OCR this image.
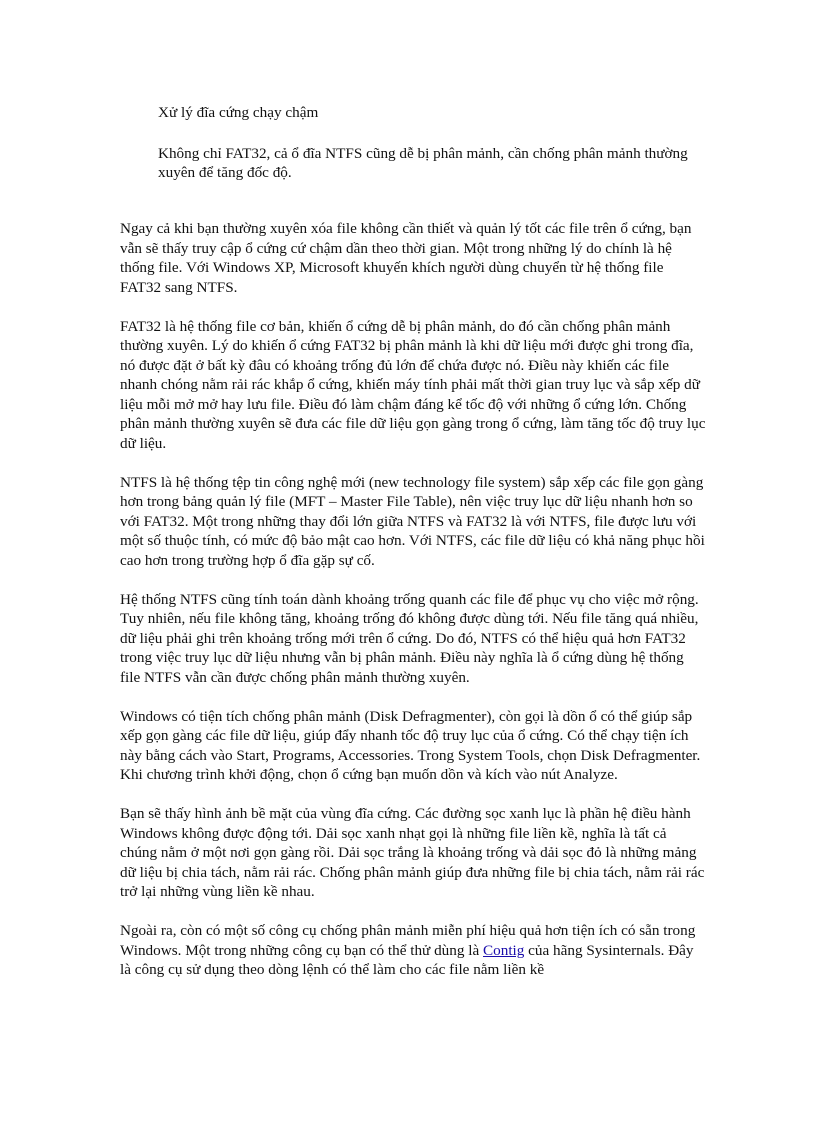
Xử lý đĩa cứng chạy chậm

Không chỉ FAT32, cả ổ đĩa NTFS cũng dễ bị phân mảnh, cần chống phân mảnh thường xuyên để tăng đốc độ.

Ngay cả khi bạn thường xuyên xóa file không cần thiết và quản lý tốt các file trên ổ cứng, bạn vẫn sẽ thấy truy cập ổ cứng cứ chậm dần theo thời gian. Một trong những lý do chính là hệ thống file. Với Windows XP, Microsoft khuyến khích người dùng chuyển từ hệ thống file FAT32 sang NTFS.

FAT32 là hệ thống file cơ bản, khiến ổ cứng dễ bị phân mảnh, do đó cần chống phân mảnh thường xuyên. Lý do khiến ổ cứng FAT32 bị phân mảnh là khi dữ liệu mới được ghi trong đĩa, nó được đặt ở bất kỳ đâu có khoảng trống đủ lớn để chứa được nó. Điều này khiến các file nhanh chóng nằm rải rác khắp ổ cứng, khiến máy tính phải mất thời gian truy lục và sắp xếp dữ liệu mỗi mở mở hay lưu file. Điều đó làm chậm đáng kể tốc độ với những ổ cứng lớn. Chống phân mảnh thường xuyên sẽ đưa các file dữ liệu gọn gàng trong ổ cứng, làm tăng tốc độ truy lục dữ liệu.

NTFS là hệ thống tệp tin công nghệ mới (new technology file system) sắp xếp các file gọn gàng hơn trong bảng quản lý file (MFT – Master File Table), nên việc truy lục dữ liệu nhanh hơn so với FAT32. Một trong những thay đổi lớn giữa NTFS và FAT32 là với NTFS, file được lưu với một số thuộc tính, có mức độ bảo mật cao hơn. Với NTFS, các file dữ liệu có khả năng phục hồi cao hơn trong trường hợp ổ đĩa gặp sự cố.

Hệ thống NTFS cũng tính toán dành khoảng trống quanh các file để phục vụ cho việc mở rộng. Tuy nhiên, nếu file không tăng, khoảng trống đó không được dùng tới. Nếu file tăng quá nhiều, dữ liệu phải ghi trên khoảng trống mới trên ổ cứng. Do đó, NTFS có thể hiệu quả hơn FAT32 trong việc truy lục dữ liệu nhưng vẫn bị phân mảnh. Điều này nghĩa là ổ cứng dùng hệ thống file NTFS vẫn cần được chống phân mảnh thường xuyên.

Windows có tiện tích chống phân mảnh (Disk Defragmenter), còn gọi là dồn ổ có thể giúp sắp xếp gọn gàng các file dữ liệu, giúp đẩy nhanh tốc độ truy lục của ổ cứng. Có thể chạy tiện ích này bằng cách vào Start, Programs, Accessories. Trong System Tools, chọn Disk Defragmenter. Khi chương trình khởi động, chọn ổ cứng bạn muốn dồn và kích vào nút Analyze.

Bạn sẽ thấy hình ảnh bề mặt của vùng đĩa cứng. Các đường sọc xanh lục là phần hệ điều hành Windows không được động tới. Dải sọc xanh nhạt gọi là những file liền kề, nghĩa là tất cả chúng nằm ở một nơi gọn gàng rồi. Dải sọc trắng là khoảng trống và dải sọc đỏ là những mảng dữ liệu bị chia tách, nằm rải rác. Chống phân mảnh giúp đưa những file bị chia tách, nằm rải rác trở lại những vùng liền kề nhau.

Ngoài ra, còn có một số công cụ chống phân mảnh miễn phí hiệu quả hơn tiện ích có sẵn trong Windows. Một trong những công cụ bạn có thể thử dùng là Contig của hãng Sysinternals. Đây là công cụ sử dụng theo dòng lệnh có thể làm cho các file nằm liền kề
